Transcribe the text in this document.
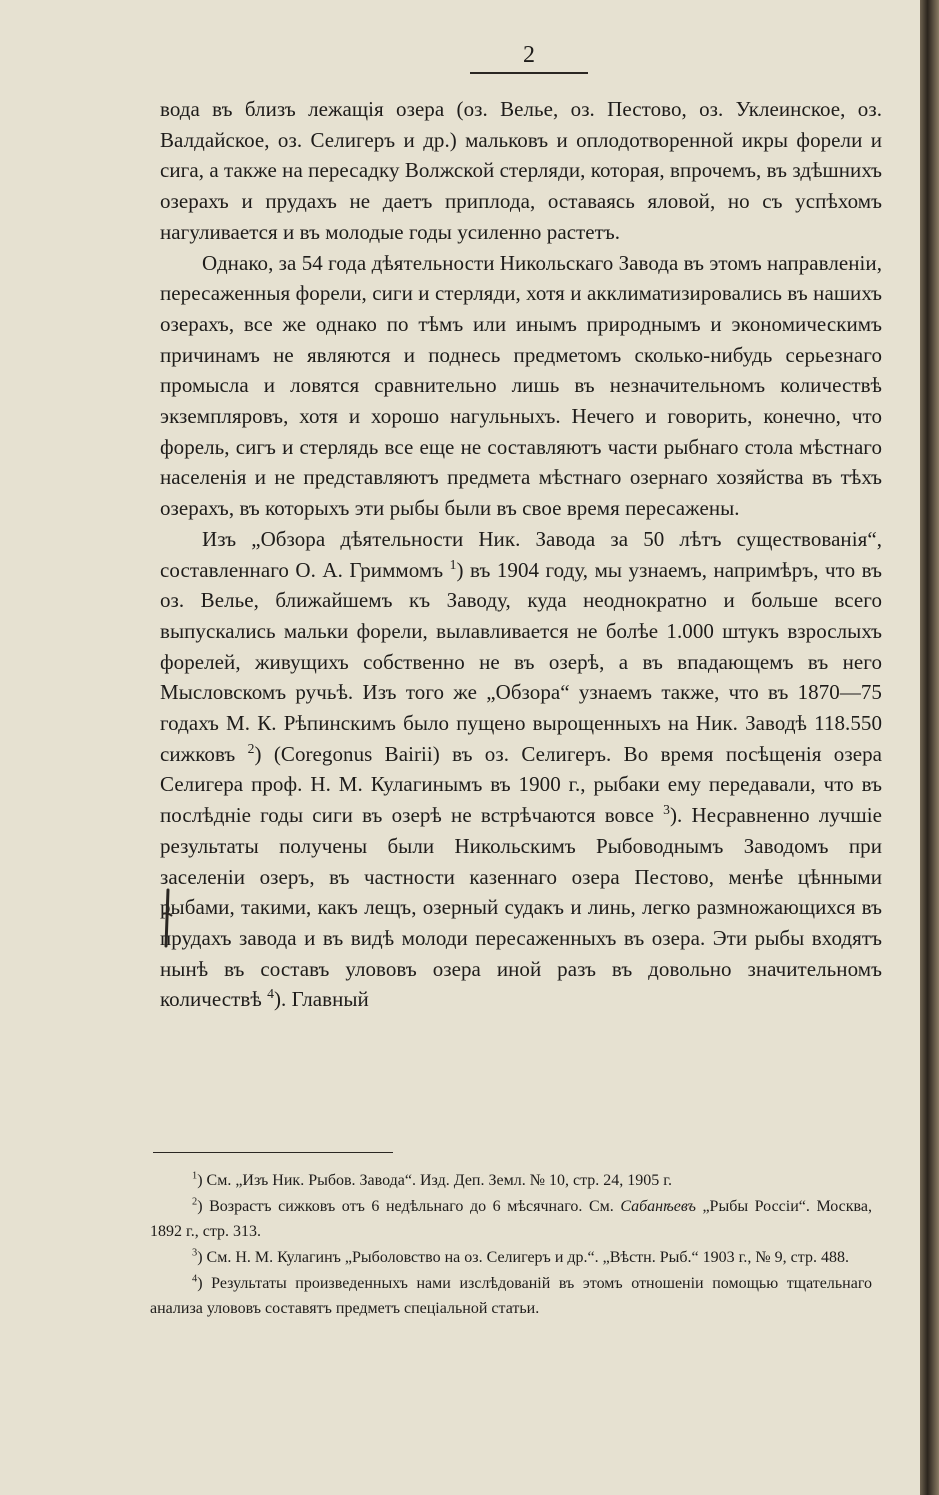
2

вода въ близъ лежащія озера (оз. Велье, оз. Пестово, оз. Уклеинское, оз. Валдайское, оз. Селигеръ и др.) мальковъ и оплодотворенной икры форели и сига, а также на пересадку Волжской стерляди, которая, впрочемъ, въ здѣшнихъ озерахъ и прудахъ не даетъ приплода, оставаясь яловой, но съ успѣхомъ нагуливается и въ молодые годы усиленно растетъ.

Однако, за 54 года дѣятельности Никольскаго Завода въ этомъ направленіи, пересаженныя форели, сиги и стерляди, хотя и акклиматизировались въ нашихъ озерахъ, все же однако по тѣмъ или инымъ природнымъ и экономическимъ причинамъ не являются и поднесь предметомъ сколько-нибудь серьезнаго промысла и ловятся сравнительно лишь въ незначительномъ количествѣ экземпляровъ, хотя и хорошо нагульныхъ. Нечего и говорить, конечно, что форель, сигъ и стерлядь все еще не составляютъ части рыбнаго стола мѣстнаго населенія и не представляютъ предмета мѣстнаго озернаго хозяйства въ тѣхъ озерахъ, въ которыхъ эти рыбы были въ свое время пересажены.

Изъ „Обзора дѣятельности Ник. Завода за 50 лѣтъ существованія“, составленнаго О. А. Гриммомъ $^1$) въ 1904 году, мы узнаемъ, напримѣръ, что въ оз. Велье, ближайшемъ къ Заводу, куда неоднократно и больше всего выпускались мальки форели, вылавливается не болѣе 1.000 штукъ взрослыхъ форелей, живущихъ собственно не въ озерѣ, а въ впадающемъ въ него Мысловскомъ ручьѣ. Изъ того же „Обзора“ узнаемъ также, что въ 1870—75 годахъ М. К. Рѣпинскимъ было пущено вырощенныхъ на Ник. Заводѣ 118.550 сижковъ $^2$) (Coregonus Bairii) въ оз. Селигеръ. Во время посѣщенія озера Селигера проф. Н. М. Кулагинымъ въ 1900 г., рыбаки ему передавали, что въ послѣдніе годы сиги въ озерѣ не встрѣчаются вовсе $^3$). Несравненно лучшіе результаты получены были Никольскимъ Рыбоводнымъ Заводомъ при заселеніи озеръ, въ частности казеннаго озера Пестово, менѣе цѣнными рыбами, такими, какъ лещъ, озерный судакъ и линь, легко размножающихся въ прудахъ завода и въ видѣ молоди пересаженныхъ въ озера. Эти рыбы входятъ нынѣ въ составъ улововъ озера иной разъ въ довольно значительномъ количествѣ $^4$). Главный

$^1$) См. „Изъ Ник. Рыбов. Завода“. Изд. Деп. Земл. № 10, стр. 24, 1905 г.

$^2$) Возрастъ сижковъ отъ 6 недѣльнаго до 6 мѣсячнаго. См. Сабанѣевъ „Рыбы Россіи“. Москва, 1892 г., стр. 313.

$^3$) См. Н. М. Кулагинъ „Рыболовство на оз. Селигеръ и др.“. „Вѣстн. Рыб.“ 1903 г., № 9, стр. 488.

$^4$) Результаты произведенныхъ нами изслѣдованій въ этомъ отношеніи помощью тщательнаго анализа улововъ составятъ предметъ спеціальной статьи.
